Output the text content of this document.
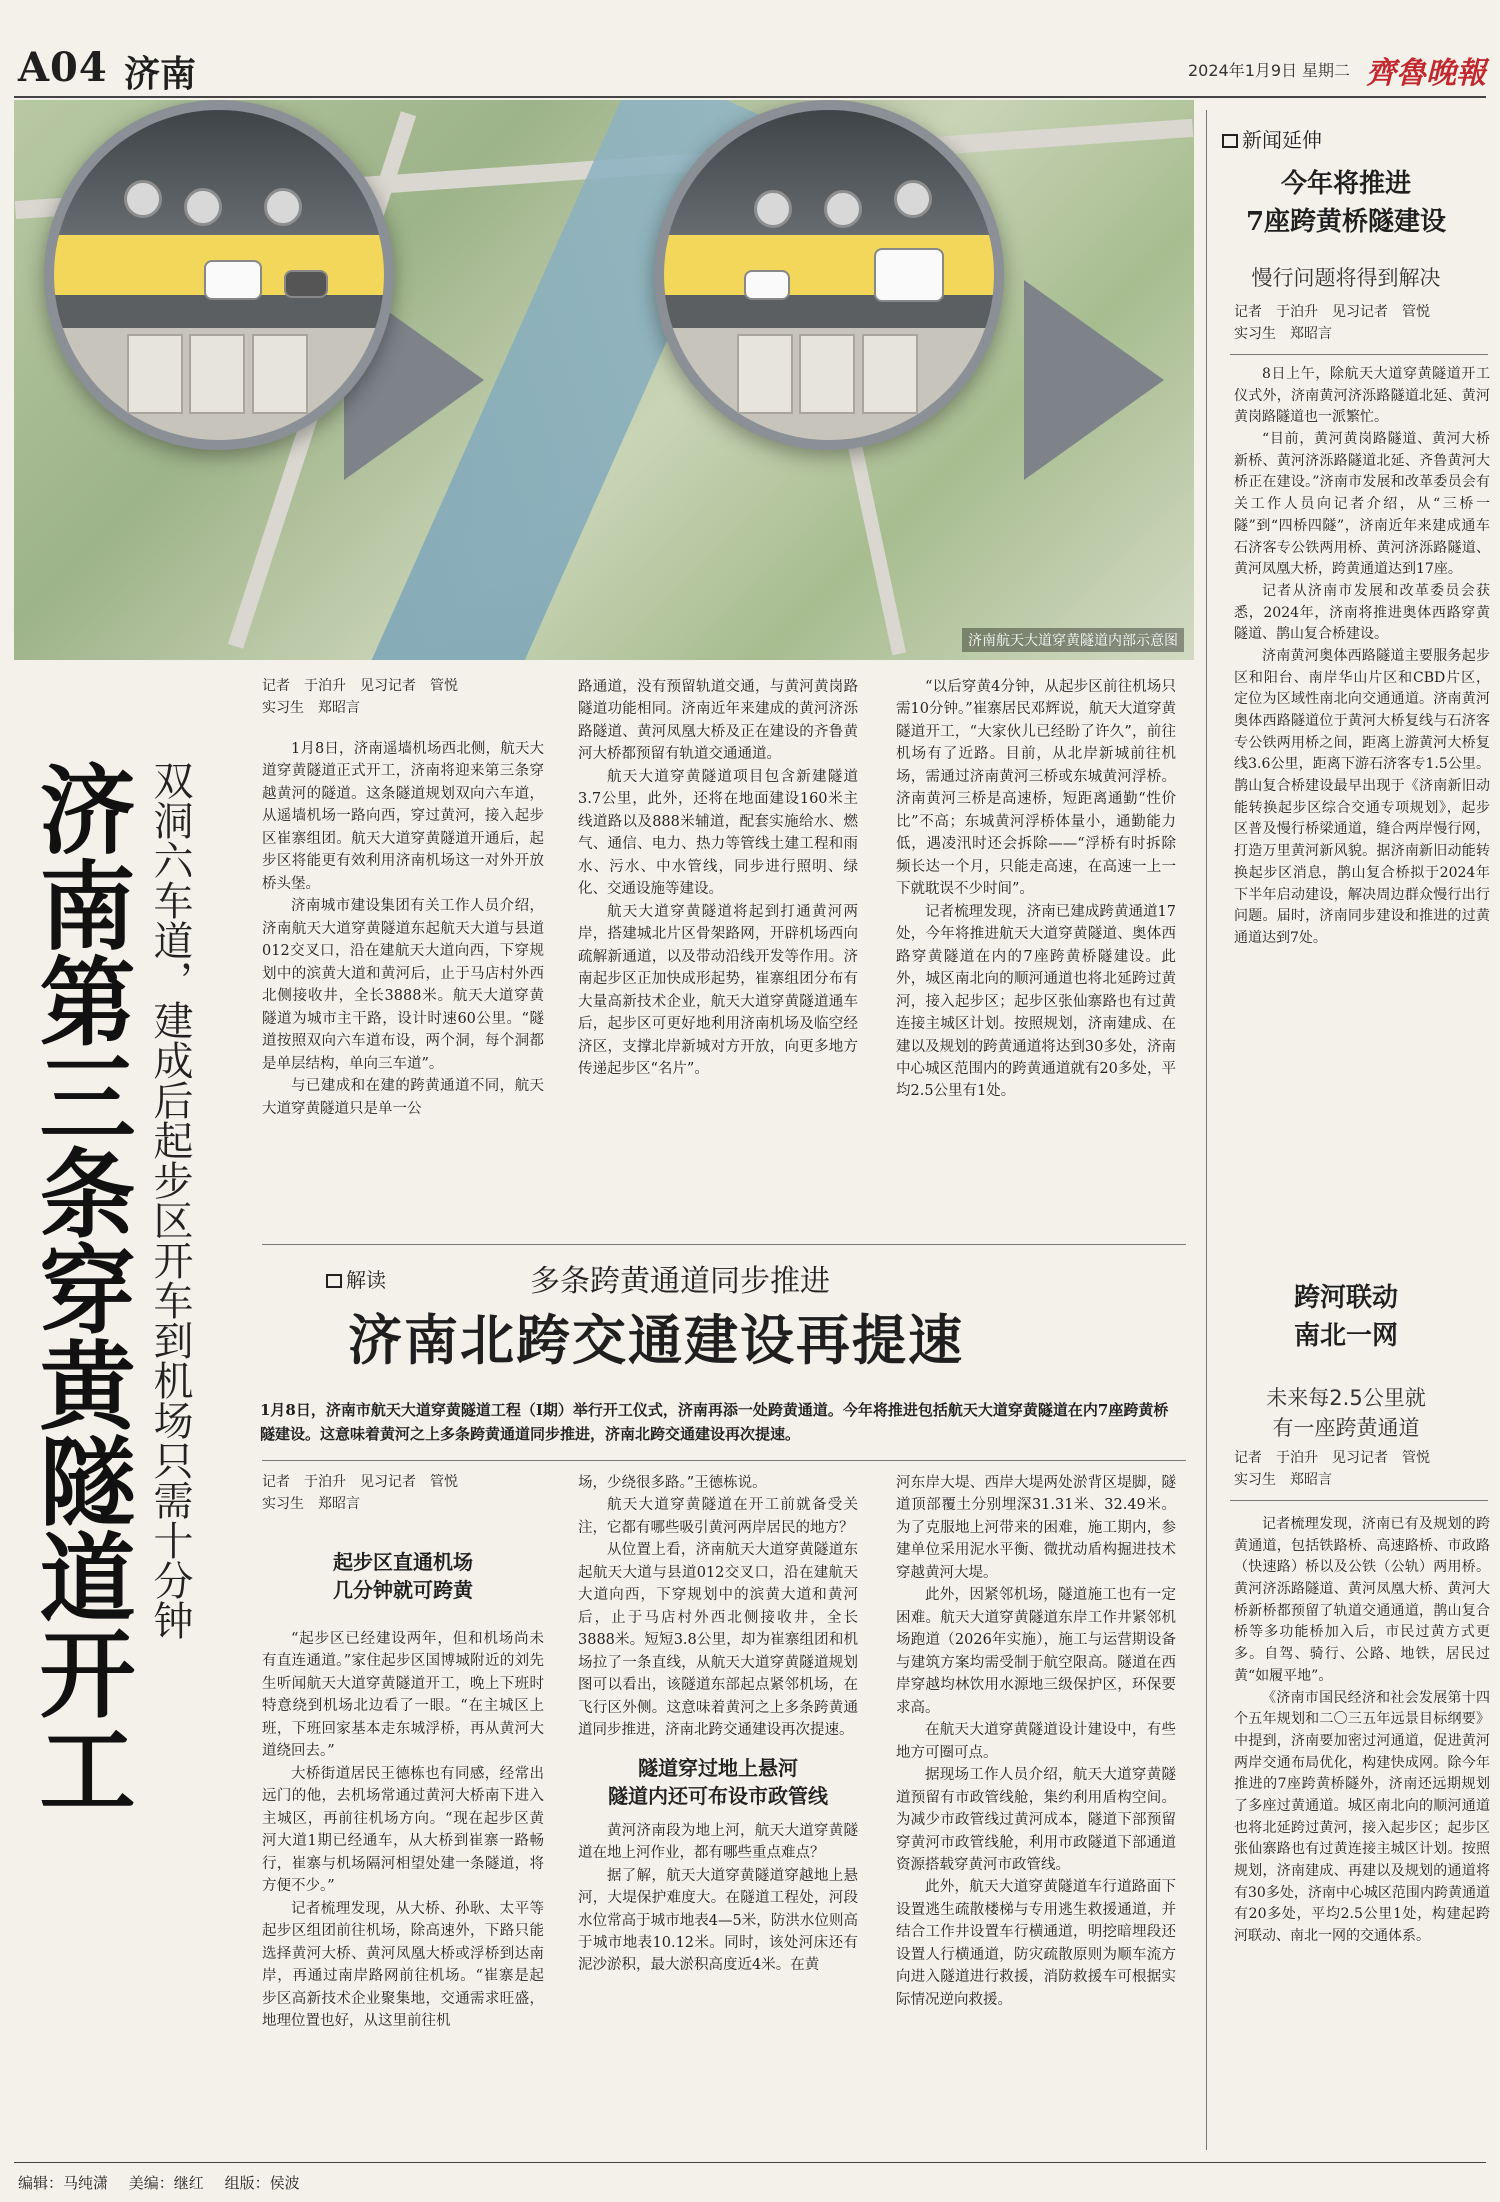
A04 济南	2024年1月9日 星期二 齊魯晚報
济南航天大道穿黄隧道内部示意图
济南第三条穿黄隧道开工 双洞六车道，建成后起步区开车到机场只需十分钟
记者　于泊升　见习记者　管悦
实习生　郑昭言

1月8日，济南遥墙机场西北侧，航天大道穿黄隧道正式开工，济南将迎来第三条穿越黄河的隧道。这条隧道规划双向六车道，从遥墙机场一路向西，穿过黄河，接入起步区崔寨组团。航天大道穿黄隧道开通后，起步区将能更有效利用济南机场这一对外开放桥头堡。

济南城市建设集团有关工作人员介绍，济南航天大道穿黄隧道东起航天大道与县道012交叉口，沿在建航天大道向西，下穿规划中的滨黄大道和黄河后，止于马店村外西北侧接收井，全长3888米。航天大道穿黄隧道为城市主干路，设计时速60公里。“隧道按照双向六车道布设，两个洞，每个洞都是单层结构，单向三车道”。

与已建成和在建的跨黄通道不同，航天大道穿黄隧道只是单一公

路通道，没有预留轨道交通，与黄河黄岗路隧道功能相同。济南近年来建成的黄河济泺路隧道、黄河凤凰大桥及正在建设的齐鲁黄河大桥都预留有轨道交通通道。

航天大道穿黄隧道项目包含新建隧道3.7公里，此外，还将在地面建设160米主线道路以及888米辅道，配套实施给水、燃气、通信、电力、热力等管线土建工程和雨水、污水、中水管线，同步进行照明、绿化、交通设施等建设。

航天大道穿黄隧道将起到打通黄河两岸，搭建城北片区骨架路网，开辟机场西向疏解新通道，以及带动沿线开发等作用。济南起步区正加快成形起势，崔寨组团分布有大量高新技术企业，航天大道穿黄隧道通车后，起步区可更好地利用济南机场及临空经济区，支撑北岸新城对方开放，向更多地方传递起步区“名片”。

“以后穿黄4分钟，从起步区前往机场只需10分钟。”崔寨居民邓辉说，航天大道穿黄隧道开工，“大家伙儿已经盼了许久”，前往机场有了近路。目前，从北岸新城前往机场，需通过济南黄河三桥或东城黄河浮桥。济南黄河三桥是高速桥，短距离通勤“性价比”不高；东城黄河浮桥体量小，通勤能力低，遇凌汛时还会拆除——“浮桥有时拆除频长达一个月，只能走高速，在高速一上一下就耽误不少时间”。

记者梳理发现，济南已建成跨黄通道17处，今年将推进航天大道穿黄隧道、奥体西路穿黄隧道在内的7座跨黄桥隧建设。此外，城区南北向的顺河通道也将北延跨过黄河，接入起步区；起步区张仙寨路也有过黄连接主城区计划。按照规划，济南建成、在建以及规划的跨黄通道将达到30多处，济南中心城区范围内的跨黄通道就有20多处，平均2.5公里有1处。

新闻延伸
今年将推进
7座跨黄桥隧建设
慢行问题将得到解决
记者　于泊升　见习记者　管悦
实习生　郑昭言

8日上午，除航天大道穿黄隧道开工仪式外，济南黄河济泺路隧道北延、黄河黄岗路隧道也一派繁忙。

“目前，黄河黄岗路隧道、黄河大桥新桥、黄河济泺路隧道北延、齐鲁黄河大桥正在建设。”济南市发展和改革委员会有关工作人员向记者介绍，从“三桥一隧”到“四桥四隧”，济南近年来建成通车石济客专公铁两用桥、黄河济泺路隧道、黄河凤凰大桥，跨黄通道达到17座。

记者从济南市发展和改革委员会获悉，2024年，济南将推进奥体西路穿黄隧道、鹊山复合桥建设。

济南黄河奥体西路隧道主要服务起步区和阳台、南岸华山片区和CBD片区，定位为区域性南北向交通通道。济南黄河奥体西路隧道位于黄河大桥复线与石济客专公铁两用桥之间，距离上游黄河大桥复线3.6公里，距离下游石济客专1.5公里。鹊山复合桥建设最早出现于《济南新旧动能转换起步区综合交通专项规划》，起步区普及慢行桥梁通道，缝合两岸慢行网，打造万里黄河新风貌。据济南新旧动能转换起步区消息，鹊山复合桥拟于2024年下半年启动建设，解决周边群众慢行出行问题。届时，济南同步建设和推进的过黄通道达到7处。

跨河联动
南北一网
未来每2.5公里就
有一座跨黄通道
记者　于泊升　见习记者　管悦
实习生　郑昭言

记者梳理发现，济南已有及规划的跨黄通道，包括铁路桥、高速路桥、市政路（快速路）桥以及公铁（公轨）两用桥。黄河济泺路隧道、黄河凤凰大桥、黄河大桥新桥都预留了轨道交通通道，鹊山复合桥等多功能桥加入后，市民过黄方式更多。自驾、骑行、公路、地铁，居民过黄“如履平地”。

《济南市国民经济和社会发展第十四个五年规划和二〇三五年远景目标纲要》中提到，济南要加密过河通道，促进黄河两岸交通布局优化，构建快成网。除今年推进的7座跨黄桥隧外，济南还远期规划了多座过黄通道。城区南北向的顺河通道也将北延跨过黄河，接入起步区；起步区张仙寨路也有过黄连接主城区计划。按照规划，济南建成、再建以及规划的通道将有30多处，济南中心城区范围内跨黄通道有20多处，平均2.5公里1处，构建起跨河联动、南北一网的交通体系。

解读	多条跨黄通道同步推进
济南北跨交通建设再提速
1月8日，济南市航天大道穿黄隧道工程（Ⅰ期）举行开工仪式，济南再添一处跨黄通道。今年将推进包括航天大道穿黄隧道在内7座跨黄桥隧建设。这意味着黄河之上多条跨黄通道同步推进，济南北跨交通建设再次提速。
记者　于泊升　见习记者　管悦
实习生　郑昭言
起步区直通机场
几分钟就可跨黄

“起步区已经建设两年，但和机场尚未有直连通道。”家住起步区国博城附近的刘先生听闻航天大道穿黄隧道开工，晚上下班时特意绕到机场北边看了一眼。“在主城区上班，下班回家基本走东城浮桥，再从黄河大道绕回去。”

大桥街道居民王德栋也有同感，经常出远门的他，去机场常通过黄河大桥南下进入主城区，再前往机场方向。“现在起步区黄河大道1期已经通车，从大桥到崔寨一路畅行，崔寨与机场隔河相望处建一条隧道，将方便不少。”

记者梳理发现，从大桥、孙耿、太平等起步区组团前往机场，除高速外，下路只能选择黄河大桥、黄河凤凰大桥或浮桥到达南岸，再通过南岸路网前往机场。“崔寨是起步区高新技术企业聚集地，交通需求旺盛，地理位置也好，从这里前往机

场，少绕很多路。”王德栋说。

航天大道穿黄隧道在开工前就备受关注，它都有哪些吸引黄河两岸居民的地方？

从位置上看，济南航天大道穿黄隧道东起航天大道与县道012交叉口，沿在建航天大道向西，下穿规划中的滨黄大道和黄河后，止于马店村外西北侧接收井，全长3888米。短短3.8公里，却为崔寨组团和机场拉了一条直线，从航天大道穿黄隧道规划图可以看出，该隧道东部起点紧邻机场，在飞行区外侧。这意味着黄河之上多条跨黄通道同步推进，济南北跨交通建设再次提速。

隧道穿过地上悬河
隧道内还可布设市政管线

黄河济南段为地上河，航天大道穿黄隧道在地上河作业，都有哪些重点难点？

据了解，航天大道穿黄隧道穿越地上悬河，大堤保护难度大。在隧道工程处，河段水位常高于城市地表4—5米，防洪水位则高于城市地表10.12米。同时，该处河床还有泥沙淤积，最大淤积高度近4米。在黄

河东岸大堤、西岸大堤两处淤背区堤脚，隧道顶部覆土分别埋深31.31米、32.49米。为了克服地上河带来的困难，施工期内，参建单位采用泥水平衡、微扰动盾构掘进技术穿越黄河大堤。

此外，因紧邻机场，隧道施工也有一定困难。航天大道穿黄隧道东岸工作井紧邻机场跑道（2026年实施），施工与运营期设备与建筑方案均需受制于航空限高。隧道在西岸穿越均林饮用水源地三级保护区，环保要求高。

在航天大道穿黄隧道设计建设中，有些地方可圈可点。

据现场工作人员介绍，航天大道穿黄隧道预留有市政管线舱，集约利用盾构空间。为减少市政管线过黄河成本，隧道下部预留穿黄河市政管线舱，利用市政隧道下部通道资源搭载穿黄河市政管线。

此外，航天大道穿黄隧道车行道路面下设置逃生疏散楼梯与专用逃生救援通道，并结合工作井设置车行横通道，明挖暗埋段还设置人行横通道，防灾疏散原则为顺车流方向进入隧道进行救援，消防救援车可根据实际情况逆向救援。

编辑：马纯潇 美编：继红 组版：侯波
